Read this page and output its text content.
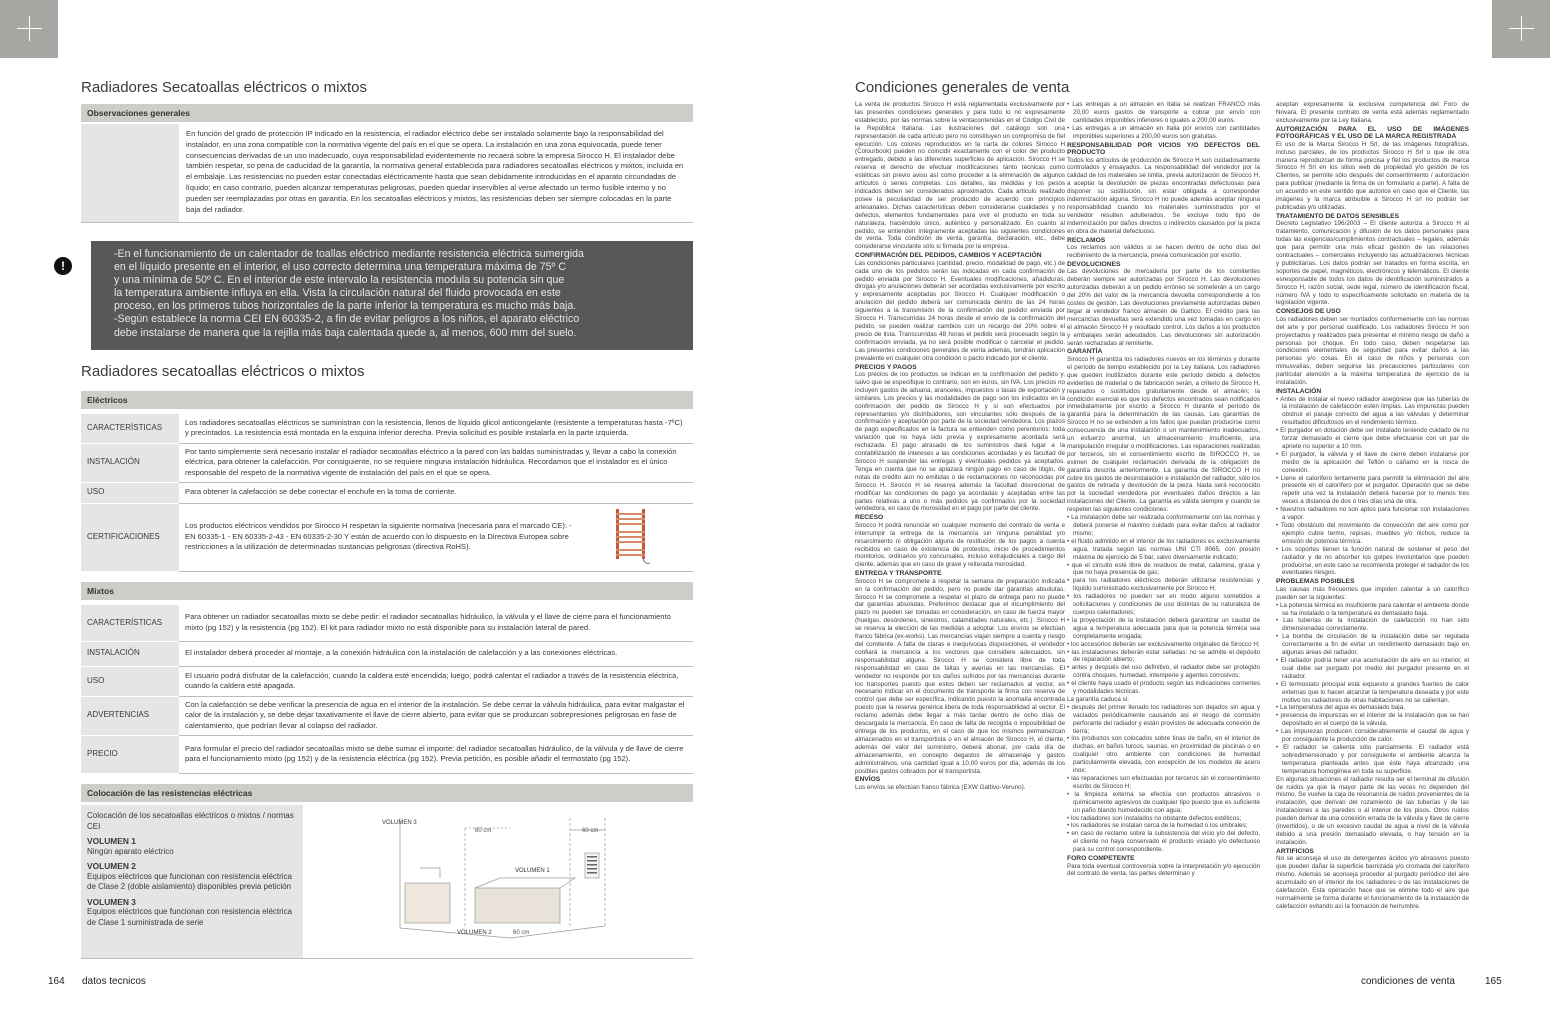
Radiadores Secatoallas eléctricos o mixtos
Observaciones generales
En función del grado de protección IP indicado en la resistencia, el radiador eléctrico debe ser instalado solamente bajo la responsabilidad del instalador, en una zona compatible con la normativa vigente del país en el que se opera. La instalación en una zona equivocada, puede tener consecuencias derivadas de un uso inadecuado, cuya responsabilidad evidentemente no recaerá sobre la empresa Sirocco H. El instalador debe también respetar, so pena de caducidad de la garantía, la normativa general establecida para radiadores secatoallas eléctricos y mixtos, incluida en el embalaje. Las resistencias no pueden estar conectadas eléctricamente hasta que sean debidamente introducidas en el aparato circundadas de líquido; en caso contrario, pueden alcanzar temperaturas peligrosas, pueden quedar inservibles al verse afectado un termo fusible interno y no pueden ser reemplazadas por otras en garantía. En los secatoallas eléctricos y mixtos, las resistencias deben ser siempre colocadas en la parte baja del radiador.
!
-En el funcionamiento de un calentador de toallas eléctrico mediante resistencia eléctrica sumergida
en el líquido presente en el interior, el uso correcto determina una temperatura máxima de 75º C
y una mínima de 50º C. En el interior de este intervalo la resistencia modula su potencia sin que
la temperatura ambiente influya en ella. Vista la circulación natural del fluido provocada en este
proceso, en los primeros tubos horizontales de la parte inferior la temperatura es mucho más baja.
-Según establece la norma CEI EN 60335-2, a fin de evitar peligros a los niños, el aparato eléctrico
debe instalarse de manera que la rejilla más baja calentada quede a, al menos, 600 mm del suelo.
Radiadores secatoallas eléctricos o mixtos
Eléctricos
CARACTERÍSTICAS	Los radiadores secatoallas eléctricos se suministran con la resistencia, llenos de líquido glicol anticongelante (resistente a temperaturas hasta -7ºC) y precintados. La resistencia está montada en la esquina inferior derecha. Previa solicitud es posible instalarla en la parte izquierda.
INSTALACIÓN	Por tanto simplemente será necesario instalar el radiador secatoallas eléctrico a la pared con las baldas suministradas y, llevar a cabo la conexión eléctrica, para obtener la calefacción. Por consiguiente, no se requiere ninguna instalación hidráulica. Recordamos que el instalador es el único responsable del respeto de la normativa vigente de instalación del país en el que se opera.
USO	Para obtener la calefacción se debe conectar el enchufe en la toma de corriente.
CERTIFICACIONES	Los productos eléctricos vendidos por Sirocco H respetan la siguiente normativa (necesaria para el marcado CE): - EN 60335-1 - EN 60335-2-43 - EN 60335-2-30 Y están de acuerdo con lo dispuesto en la Directiva Europea sobre restricciones a la utilización de determinadas sustancias peligrosas (directiva RoHS).
Mixtos
CARACTERÍSTICAS	Para obtener un radiador secatoallas mixto se debe pedir: el radiador secatoallas hidráulico, la válvula y el llave de cierre para el funcionamiento mixto (pg 152) y la resistencia (pg 152). El kit para radiador mixto no está disponible para su instalación lateral de pared.
INSTALACIÓN	El instalador deberá proceder al montaje, a la conexión hidráulica con la instalación de calefacción y a las conexiones eléctricas.
USO	El usuario podrá disfrutar de la calefacción, cuando la caldera esté encendida; luego, podrá calentar el radiador a través de la resistencia eléctrica, cuando la caldera esté apagada.
ADVERTENCIAS	Con la calefacción se debe verificar la presencia de agua en el interior de la instalación. Se debe cerrar la válvula hidráulica, para evitar malgastar el calor de la instalación y, se debe dejar taxativamente el llave de cierre abierto, para evitar que se produzcan sobrepresiones peligrosas en fase de calentamiento, que podrían llevar al colapso del radiador.
PRECIO	Para formular el precio del radiador secatoallas mixto se debe sumar el importe: del radiador secatoallas hidráulico, de la válvula y de llave de cierre para el funcionamiento mixto (pg 152) y de la resistencia eléctrica (pg 152). Previa petición, es posible añadir el termostato (pg 152).
Colocación de las resistencias eléctricas
Colocación de los secatoallas eléctricos o mixtos / normas CEI
VOLUMEN 1
Ningún aparato eléctrico
VOLUMEN 2
Equipos eléctricos que funcionan con resistencia eléctrica de Clase 2 (doble aislamiento) disponibles previa petición
VOLUMEN 3
Equipos eléctricos que funcionan con resistencia eléctrica de Clase 1 suministrada de serie
VOLUMEN 3
VOLUMEN 1
VOLUMEN 2
60 cm	60 cm
60 cm
164 datos tecnicos
Condiciones generales de venta

La venta de productos Sirocco H está reglamentada exclusivamente por las presentes condiciones generales y para todo lo no expresamente establecido, por las normas sobre la ventacontenidas en el Código Civil de la República Italiana. Las ilustraciones del catálogo son una representación de cada artículo pero no constituyen un compromiso de fiel ejecución. Los colores reproducidos en la carta de colores Sirocco H (Colourbook) pueden no coincidir exactamente con el color del producto entregado, debido a las diferentes superficies de aplicación. Sirocco H se reserva el derecho de efectuar modificaciones tanto técnicas como estéticas sin previo aviso así como proceder a la eliminación de algunos artículos o series completas. Los detalles, las medidas y los pesos indicados deben ser considerados aproximados. Cada artículo realizado posee la peculiaridad de ser producido de acuerdo con principios artesanales. Dichas características deben considerarse cualidades y no defectos, elementos fundamentales para vivir el producto en toda su naturaleza, haciéndolo único, auténtico y personalizado. En cuanto al pedido, se entienden íntegramente aceptadas las siguientes condiciones de venta. Toda condición de venta, garantía, declaración, etc., debe considerarse vinculante sólo si firmada por la empresa.

CONFIRMACIÓN DEL PEDIDOS, CAMBIOS Y ACEPTACIÓN

Las condiciones particulares (cantidad, precio, modalidad de pago, etc.) de cada uno de los pedidos serán las indicadas en cada confirmación de pedido enviada por Sirocco H. Eventuales modificaciones, añadiduras, dirogas y/o anulaciones deberán ser acordadas exclusivamente por escrito y expresamente aceptadas por Sirocco H. Cualquier modificación o anulación del pedido deberá ser comunicada dentro de las 24 horas siguientes a la transmisión de la confirmación del pedido enviada por Sirocco H. Transcurridas 24 horas desde el envío de la confirmación del pedido, se pueden realizar cambios con un recargo del 20% sobre el precio de lista. Transcurridas 48 horas el pedido será procesado según la confirmación enviada, ya no será posible modificar o cancelar el pedido. Las presentes condiciones generales de venta además, tendrán aplicación prevalente en cualquier otra condición o pacto indicado por el cliente.

PRECIOS Y PAGOS

Los precios de los productos se indican en la confirmación del pedido y, salvo que se especifique lo contrario, son en euros, sin IVA. Los precios no incluyen gastos de aduana, aranceles, impuestos o tasas de exportación y similares. Los precios y las modalidades de pago son los indicados en la confirmación del pedido de Sirocco H y si son efectuados por representantes y/o distribuidores, son vinculantes sólo después de la confirmación y aceptación por parte de la sociedad vendedora. Los plazos de pago especificados en la factura se entienden como perentorios: toda variación que no haya sido previa y expresamente acordada será rechazada. El pago atrasado de los suministros dará lugar a la contabilización de intereses a las condiciones acordadas y es facultad de Sirocco H suspender las entregas y eventuales pedidos ya aceptados. Tenga en cuenta que no se aplazará ningún pago en caso de litigio, de notas de crédito aún no emitidas o de reclamaciones no reconocidas por Sirocco H. Sirocco H se reserva además la facultad discrecional de modificar las condiciones de pago ya acordadas y aceptadas entre las partes relativas a uno o más pedidos ya confirmados por la sociedad vendedora, en caso de morosidad en el pago por parte del cliente.

RECESO

Sirocco H podrá renunciar en cualquier momento del contrato de venta e interrumpir la entrega de la mercancía sin ninguna penalidad y/o resarcimiento ni obligación alguna de restitución de los pagos a cuenta recibidos en caso de existencia de protestos, inicio de procedimientos monitorios, ordinarios y/o concursales, incluso extrajudiciales a cargo del cliente, además que en caso de grave y reiterada morosidad.

ENTREGA Y TRANSPORTE

Sirocco H se compromete a respetar la semana de preparación indicada en la confirmación del pedido, pero no puede dar garantías absolutas. Sirocco H se compromete a respetar el plazo de entrega pero no puede dar garantías absolutas. Preferimos destacar que el incumplimiento del plazo no pueden ser tomadas en consideración, en caso de fuerza mayor (huelgas, desórdenes, siniestros, calamidades naturales, etc.). Sirocco H se reserva la elección de las medidas a adoptar. Los envíos se efectúan franco fábrica (ex-works). Las mercancías viajan siempre a cuenta y riesgo del comitente. A falta de claras e inequívocas disposiciones, el vendedor confiará la mercancía a los vectores que considere adecuados, sin responsabilidad alguna. Sirocco H se considera libre de toda responsabilidad en caso de faltas y averías en las mercancías. El vendedor no responde por los daños sufridos por las mercancías durante los transportes puesto que estos deben ser reclamados al vector, es necesario indicar en el documento de transporte la firma con reserva de control que debe ser específica, indicando puesto la anomalía encontrada puesto que la reserva genérica libera de toda responsabilidad al vector. El reclamo además debe llegar a más tardar dentro de ocho días de descargada la mercancía. En caso de falta de recogida o imposibilidad de entrega de los productos, en el caso de que los mismos permanezcan almacenados en el transportista o en el almacén de Sirocco H, el cliente, además del valor del suministro, deberá abonar, por cada día de almacenamiento, en concepto degastos de almacenaje y gastos administrativos, una cantidad igual a 10,00 euros por día, además de los posibles gastos cobrados por el transportista.

ENVÍOS

Los envíos se efectúan franco fábrica (EXW Gattivo-Veruno).

• Las entregas a un almacén en Italia se realizan FRANCO más 20,00 euros gastos de transporte a cobrar por envío con cantidades imponibles inferiores o iguales a 200,00 euros.
• Las entregas a un almacén en Italia por envíos con cantidades imponibles superiores a 200,00 euros son gratuitas.
RESPONSABILIDAD POR VICIOS Y/O DEFECTOS DEL PRODUCTO

Todos los artículos de producción de Sirocco H son cuidadosamente controlados y ensayados. La responsabilidad del vendedor por la calidad de los materiales se limita, previa autorización de Sirocco H, a aceptar la devolución de piezas encontradas defectuosas para disponer su sustitución, sin estar obligada a corresponder indemnización alguna. Sirocco H no puede además aceptar ninguna responsabilidad cuando los materiales suministrados por el vendedor resulten adulterados. Se excluye todo tipo de indemnización por daños directos o indirectos causados por la pieza en obra de material defectuoso.

RECLAMOS

Los reclamos son válidos si se hacen dentro de ocho días del recibimiento de la mercancía, previa comunicación por escrito.

DEVOLUCIONES

Las devoluciones de mercadería por parte de los comitentes deberán siempre ser autorizadas por Sirocco H. Las devoluciones autorizadas deberán a un pedido erróneo se someterán a un cargo del 20% del valor de la mercancía devuelta correspondiente a los costes de gestión. Las devoluciones previamente autorizadas deben llegar al vendedor franco almacén de Gattico. El crédito para las mercancías devueltas será extendido una vez tomadas en cargo en el almacén Sirocco H y resultado control. Los daños a los productos y embalajes serán adeudados. Las devoluciones sin autorización serán rechazadas al remitente.

GARANTÍA

Sirocco H garantiza los radiadores nuevos en los términos y durante el período de tiempo establecido por la Ley italiana. Los radiadores que queden inutilizados durante este período debido a defectos evidentes de material o de fabricación serán, a criterio de Sirocco H, reparados o sustituidos gratuitamente desde el almacén; la condición esencial es que los defectos encontrados sean notificados inmediatamente por escrito a Sirocco H durante el período de garantía para la determinación de las causas. Las garantías de Sirocco H no se extienden a los fallos que puedan producirse como consecuencia de una instalación o un mantenimiento inadecuados, un esfuerzo anormal, un almacenamiento insuficiente, una manipulación irregular o modificaciones. Las reparaciones realizadas por terceros, sin el consentimiento escrito de SIROCCO H, se eximen de cualquier reclamación derivada de la obligación de garantía descrita anteriormente. La garantía de SIROCCO H no cubre los gastos de desinstalación e instalación del radiador, sólo los gastos de retirada y devolución de la pieza. Nada será reconocido por la sociedad vendedora por eventuales daños directos a las instalaciones del Cliente. La garantía es válida siempre y cuando se respeten las siguientes condiciones:

• La instalación debe ser realizada conformemente con las normas y deberá ponerse el máximo cuidado para evitar daños al radiador mismo;
• el fluido admitido en el interior de los radiadores es exclusivamente agua, tratada según las normas UNI CTI 8065, con presión máxima de ejercicio de 5 bar, salvo diversamente indicado;
• que el circuito esté libre de residuos de metal, calamina, grasa y que no haya presencia de gas;
• para los radiadores eléctricos deberán utilizarse resistencias y líquido suministrado exclusivamente por Sirocco H;
• los radiadores no pueden ser en modo alguno sometidos a solicitaciones y condiciones de uso distintas de su naturaleza de cuerpos calentadores;
• la proyectación de la instalación deberá garantizar un caudal de agua a temperatura adecuada para que la potencia térmica sea completamente erogada;
• los accesorios deberán ser exclusivamente originales de Sirocco H;
• las instalaciones deberán estar selladas: no se admite el depósito de reparación abierto;
• antes y después del uso definitivo, el radiador debe ser protegido contra choques, humedad, intemperie y agentes corrosivos;
• el cliente haya usado el producto según las indicaciones corrientes y modalidades técnicas.

La garantía caduca si:

• después del primer llenado los radiadores son dejados sin agua y vaciados periódicamente causando así el riesgo de corrosión perforante del radiador y están provistos de adecuada conexión de tierra;
• los productos son colocados sobre tinas de baño, en el interior de duchas, en baños turcos, saunas, en proximidad de piscinas o en cualquier otro ambiente con condiciones de humedad particularmente elevada, con excepción de los modelos de acero inox;
• las reparaciones son efectuadas por terceros sin el consentimiento escrito de Sirocco H;
• la limpieza externa se efectúa con productos abrasivos o químicamente agresivos de cualquier tipo puesto que es suficiente un paño blando humedecido con agua;
• los radiadores son instalados no obstante defectos estéticos;
• los radiadores se instalan cerca de la humedad o los umbrales;
• en caso de reclamo sobre la subsistencia del vicio y/o del defecto, el cliente no haya conservado el producto viciado y/o defectuoso para su control correspondiente.
FORO COMPETENTE

Para toda eventual controversia sobre la interpretación y/o ejecución del contrato de venta, las partes determinan y

aceptan expresamente la exclusiva competencia del Foro de Novara. El presente contrato de venta está además reglamentado exclusivamente por la Ley Italiana.

AUTORIZACIÓN PARA EL USO DE IMÁGENES FOTOGRÁFICAS Y EL USO DE LA MARCA REGISTRADA

El uso de la Marca Sirocco H Srl, de las imágenes fotográficas, incluso parciales, de los productos Sirocco H Srl o que de otra manera reproduzcan de forma precisa y fiel los productos de marca Sirocco H Srl en los sitios web de propiedad y/o gestión de los Clientes, se permite sólo después del consentimiento / autorización para publicar (mediante la firma de un formulario a parte). A falta de un acuerdo en este sentido que autorice en caso que el Cliente, las imágenes y la marca atribuible a Sirocco H srl no podrán ser publicadas y/o utilizadas.

TRATAMIENTO DE DATOS SENSIBLES

Decreto Legislativo 196/2003 – El cliente autoriza a Sirocco H al tratamiento, comunicación y difusión de los datos personales para todas las exigencias/cumplimientos contractuales – legales, además que para permitir una más eficaz gestión de las relaciones contractuales – comerciales incluyendo las actualizaciones técnicas y publicitarias. Los datos podrán ser tratados en forma escrita, en soportes de papel, magnéticos, electrónicos y telemáticos. El cliente esresponsable de todos los datos de identificación suministrados a Sirocco H, razón social, sede legal, número de identificación fiscal, número IVA y todo lo específicamente solicitado en materia de la legislación vigente.

CONSEJOS DE USO

Los radiadores deben ser montados conformemente con las normas del arte y por personal cualificado. Los radiadores Sirocco H son proyectados y realizados para presentar el mínimo riesgo de daño a personas por choque. En todo caso, deben respetarse las condiciones elementales de seguridad para evitar daños a las personas y/o cosas. En el caso de niños y personas con minusvalías, deben seguirse las precauciones particulares con particular atención a la máxima temperatura de ejercicio de la instalación.

INSTALACIÓN
• Antes de instalar el nuevo radiador asegúrese que las tuberías de la instalación de calefacción estén limpias. Las impurezas pueden obstruir el pasaje correcto del agua a las válvulas y determinar resultados dificultosos en el rendimiento térmico.
• El purgador en dotación debe ser instalado teniendo cuidado de no forzar demasiado el cierre que debe efectuarse con un par de apriete no superior a 10 mm.
• El purgador, la válvula y el llave de cierre deben instalarse por medio de la aplicación del Teflón o cáñamo en la rosca de conexión.
• Llene el calorífero lentamente para permitir la eliminación del aire presente en el calorífero por el purgador. Operación que se debe repetir una vez la instalación deberá hacerse por lo menos tres veces a distancia de dos o tres días una de otra.
• Nuestros radiadores no son aptos para funcionar con instalaciones a vapor.
• Todo obstáculo del movimiento de convección del aire como por ejemplo cubre termo, repisas, muebles y/o nichos, reduce la emisión de potencia térmica.
• Los soportes tienen la función natural de sostener el peso del radiador y de no absorber los golpes involuntarios que pueden producirse, en este caso se recomienda proteger el radiador de los eventuales riesgos.
PROBLEMAS POSIBLES

Las causas más frecuentes que impiden calentar a un calorífico pueden ser la siguientes:

• La potencia térmica es insuficiente para calentar el ambiente donde se ha instalado o la temperatura es demasiado baja.
• Las tuberías de la instalación de calefacción no han sido dimensionadas correctamente.
• La bomba de circulación de la instalación debe ser regulada correctamente a fin de evitar un rendimiento demasiado bajo en algunas áreas del radiador.
• El radiador podría tener una acumulación de aire en su interior, el cual debe ser purgado por medio del purgador presente en el radiador.
• El termostato principal está expuesto a grandes fuentes de calor externas que lo hacen alcanzar la temperatura deseada y por este motivo los radiadores de otras habitaciones no se calientan.
• La temperatura del agua es demasiado baja.
• presencia de impurezas en el interior de la instalación que se han depositado en el cuerpo de la válvula.
• Las impurezas producen considerablemente el caudal de agua y por consiguiente la producción de calor.
• El radiador se calienta sólo parcialmente. El radiador está sobredimensionado y por consiguiente el ambiente alcanza la temperatura planteada antes que éste haya alcanzado una temperatura homogénea en toda su superficie.

En algunas situaciones el radiador resulta ser el terminal de difusión de ruidos ya que la mayor parte de las veces no dependen del mismo. Se vuelve la caja de resonancia de ruidos provenientes de la instalación, que derivan del rozamiento de las tuberías y de las instalaciones a las paredes o al interior de los pisos. Otros ruidos pueden derivar de una conexión errada de la válvula y llave de cierre (invertidos), o de un excesivo caudal de agua a nivel de la válvula debido a una presión demasiado elevada, o hay tensión en la instalación.

ARTIFICIOS

No se aconseja el uso de detergentes ácidos y/o abrasivos puesto que pueden dañar la superficie barnizada y/o cromada del calorífero mismo. Además se aconseja proceder al purgado periódico del aire acumulado en el interior de los radiadores o de las instalaciones de calefacción. Esta operación hace que se elimine todo el aire que normalmente se forma durante el funcionamiento de la instalación de calefacción evitando así la formación de herrumbre.

condiciones de venta	165
